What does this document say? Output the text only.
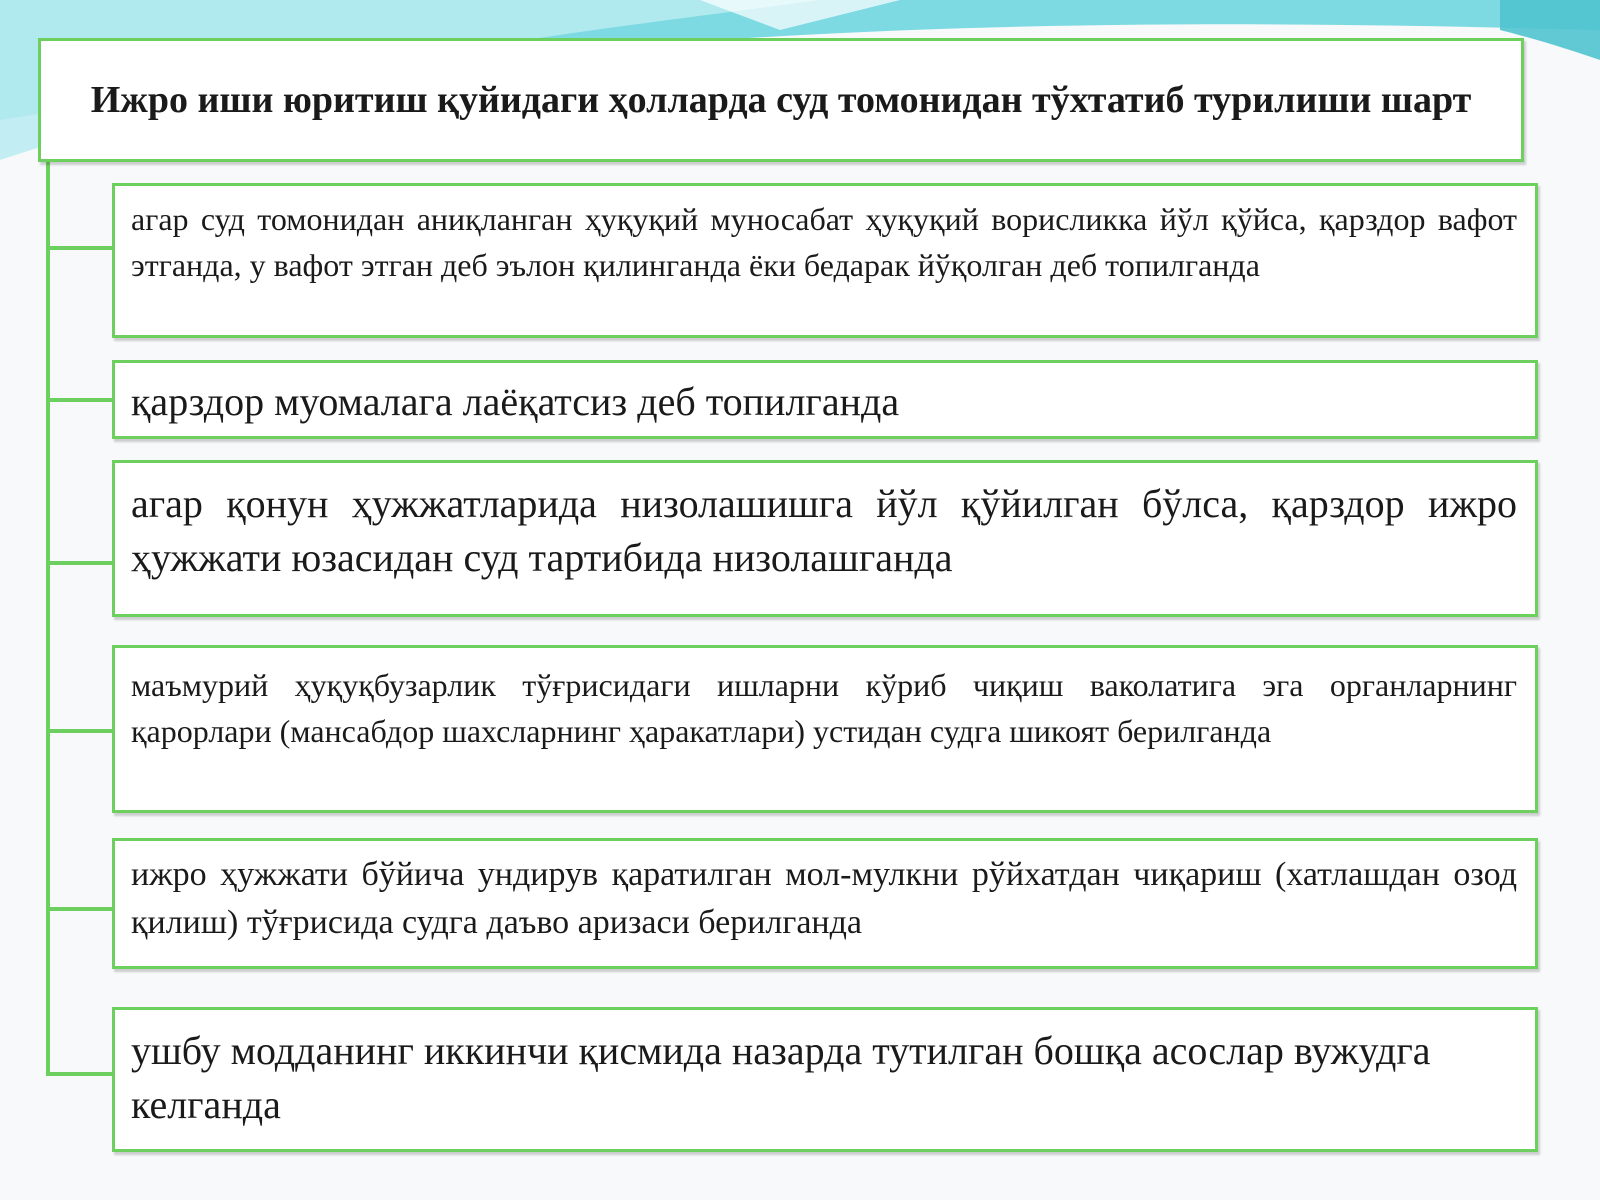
Ижро иши юритиш қуйидаги ҳолларда суд томонидан тўхтатиб турилиши шарт
агар суд томонидан аниқланган ҳуқуқий муносабат ҳуқуқий ворисликка йўл қўйса, қарздор вафот этганда, у вафот этган деб эълон қилинганда ёки бедарак йўқолган деб топилганда
қарздор муомалага лаёқатсиз деб топилганда
агар қонун ҳужжатларида низолашишга йўл қўйилган бўлса, қарздор ижро ҳужжати юзасидан суд тартибида низолашганда
маъмурий ҳуқуқбузарлик тўғрисидаги ишларни кўриб чиқиш ваколатига эга органларнинг қарорлари (мансабдор шахсларнинг ҳаракатлари) устидан судга шикоят берилганда
ижро ҳужжати бўйича ундирув қаратилган мол-мулкни рўйхатдан чиқариш (хатлашдан озод қилиш) тўғрисида судга даъво аризаси берилганда
ушбу модданинг иккинчи қисмида назарда тутилган бошқа асослар вужудга келганда
